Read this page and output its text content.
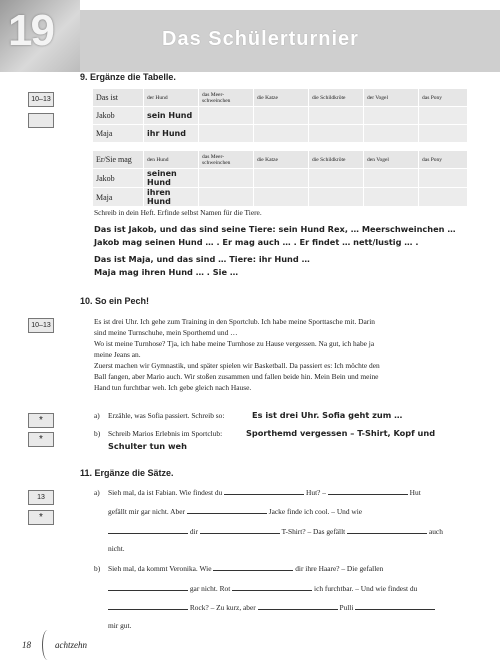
19	Das Schülerturnier
9. Ergänze die Tabelle.
10–13	Das ist	der Hund	das Meer-schweinchen	die Katze	die Schildkröte	der Vogel	das Pony
Jakob	sein Hund					
Maja	ihr Hund					
Er/Sie mag	den Hund	das Meer-schweinchen	die Katze	die Schildkröte	den Vogel	das Pony
Jakob	seinen Hund					
Maja	ihren Hund					
Schreib in dein Heft. Erfinde selbst Namen für die Tiere.
Das ist Jakob, und das sind seine Tiere: sein Hund Rex, … Meerschweinchen …
Jakob mag seinen Hund … . Er mag auch … . Er findet … nett/lustig … .
Das ist Maja, und das sind … Tiere: ihr Hund …
Maja mag ihren Hund … . Sie …
10. So ein Pech!
10–13	Es ist drei Uhr. Ich gehe zum Training in den Sportclub. Ich habe meine Sporttasche mit. Darin
sind meine Turnschuhe, mein Sporthemd und …
Wo ist meine Turnhose? Tja, ich habe meine Turnhose zu Hause vergessen. Na gut, ich habe ja
meine Jeans an.
Zuerst machen wir Gymnastik, und später spielen wir Basketball. Da passiert es: Ich möchte den
Ball fangen, aber Mario auch. Wir stoßen zusammen und fallen beide hin. Mein Bein und meine
Hand tun furchtbar weh. Ich gebe gleich nach Hause.
*
*
a) Erzähle, was Sofia passiert. Schreib so:	Es ist drei Uhr. Sofia geht zum …
b) Schreib Marios Erlebnis im Sportclub:	Sporthemd vergessen – T-Shirt, Kopf und
Schulter tun weh
11. Ergänze die Sätze.
13
*
a) Sieh mal, da ist Fabian. Wie findest du	Hut? –	Hut
gefällt mir gar nicht. Aber	Jacke finde ich cool. – Und wie
dir	T-Shirt? – Das gefällt	auch
nicht.
b) Sieh mal, da kommt Veronika. Wie	dir ihre Haare? – Die gefallen
gar nicht. Rot	ich furchtbar. – Und wie findest du
Rock? – Zu kurz, aber	Pulli
mir gut.
18	achtzehn
